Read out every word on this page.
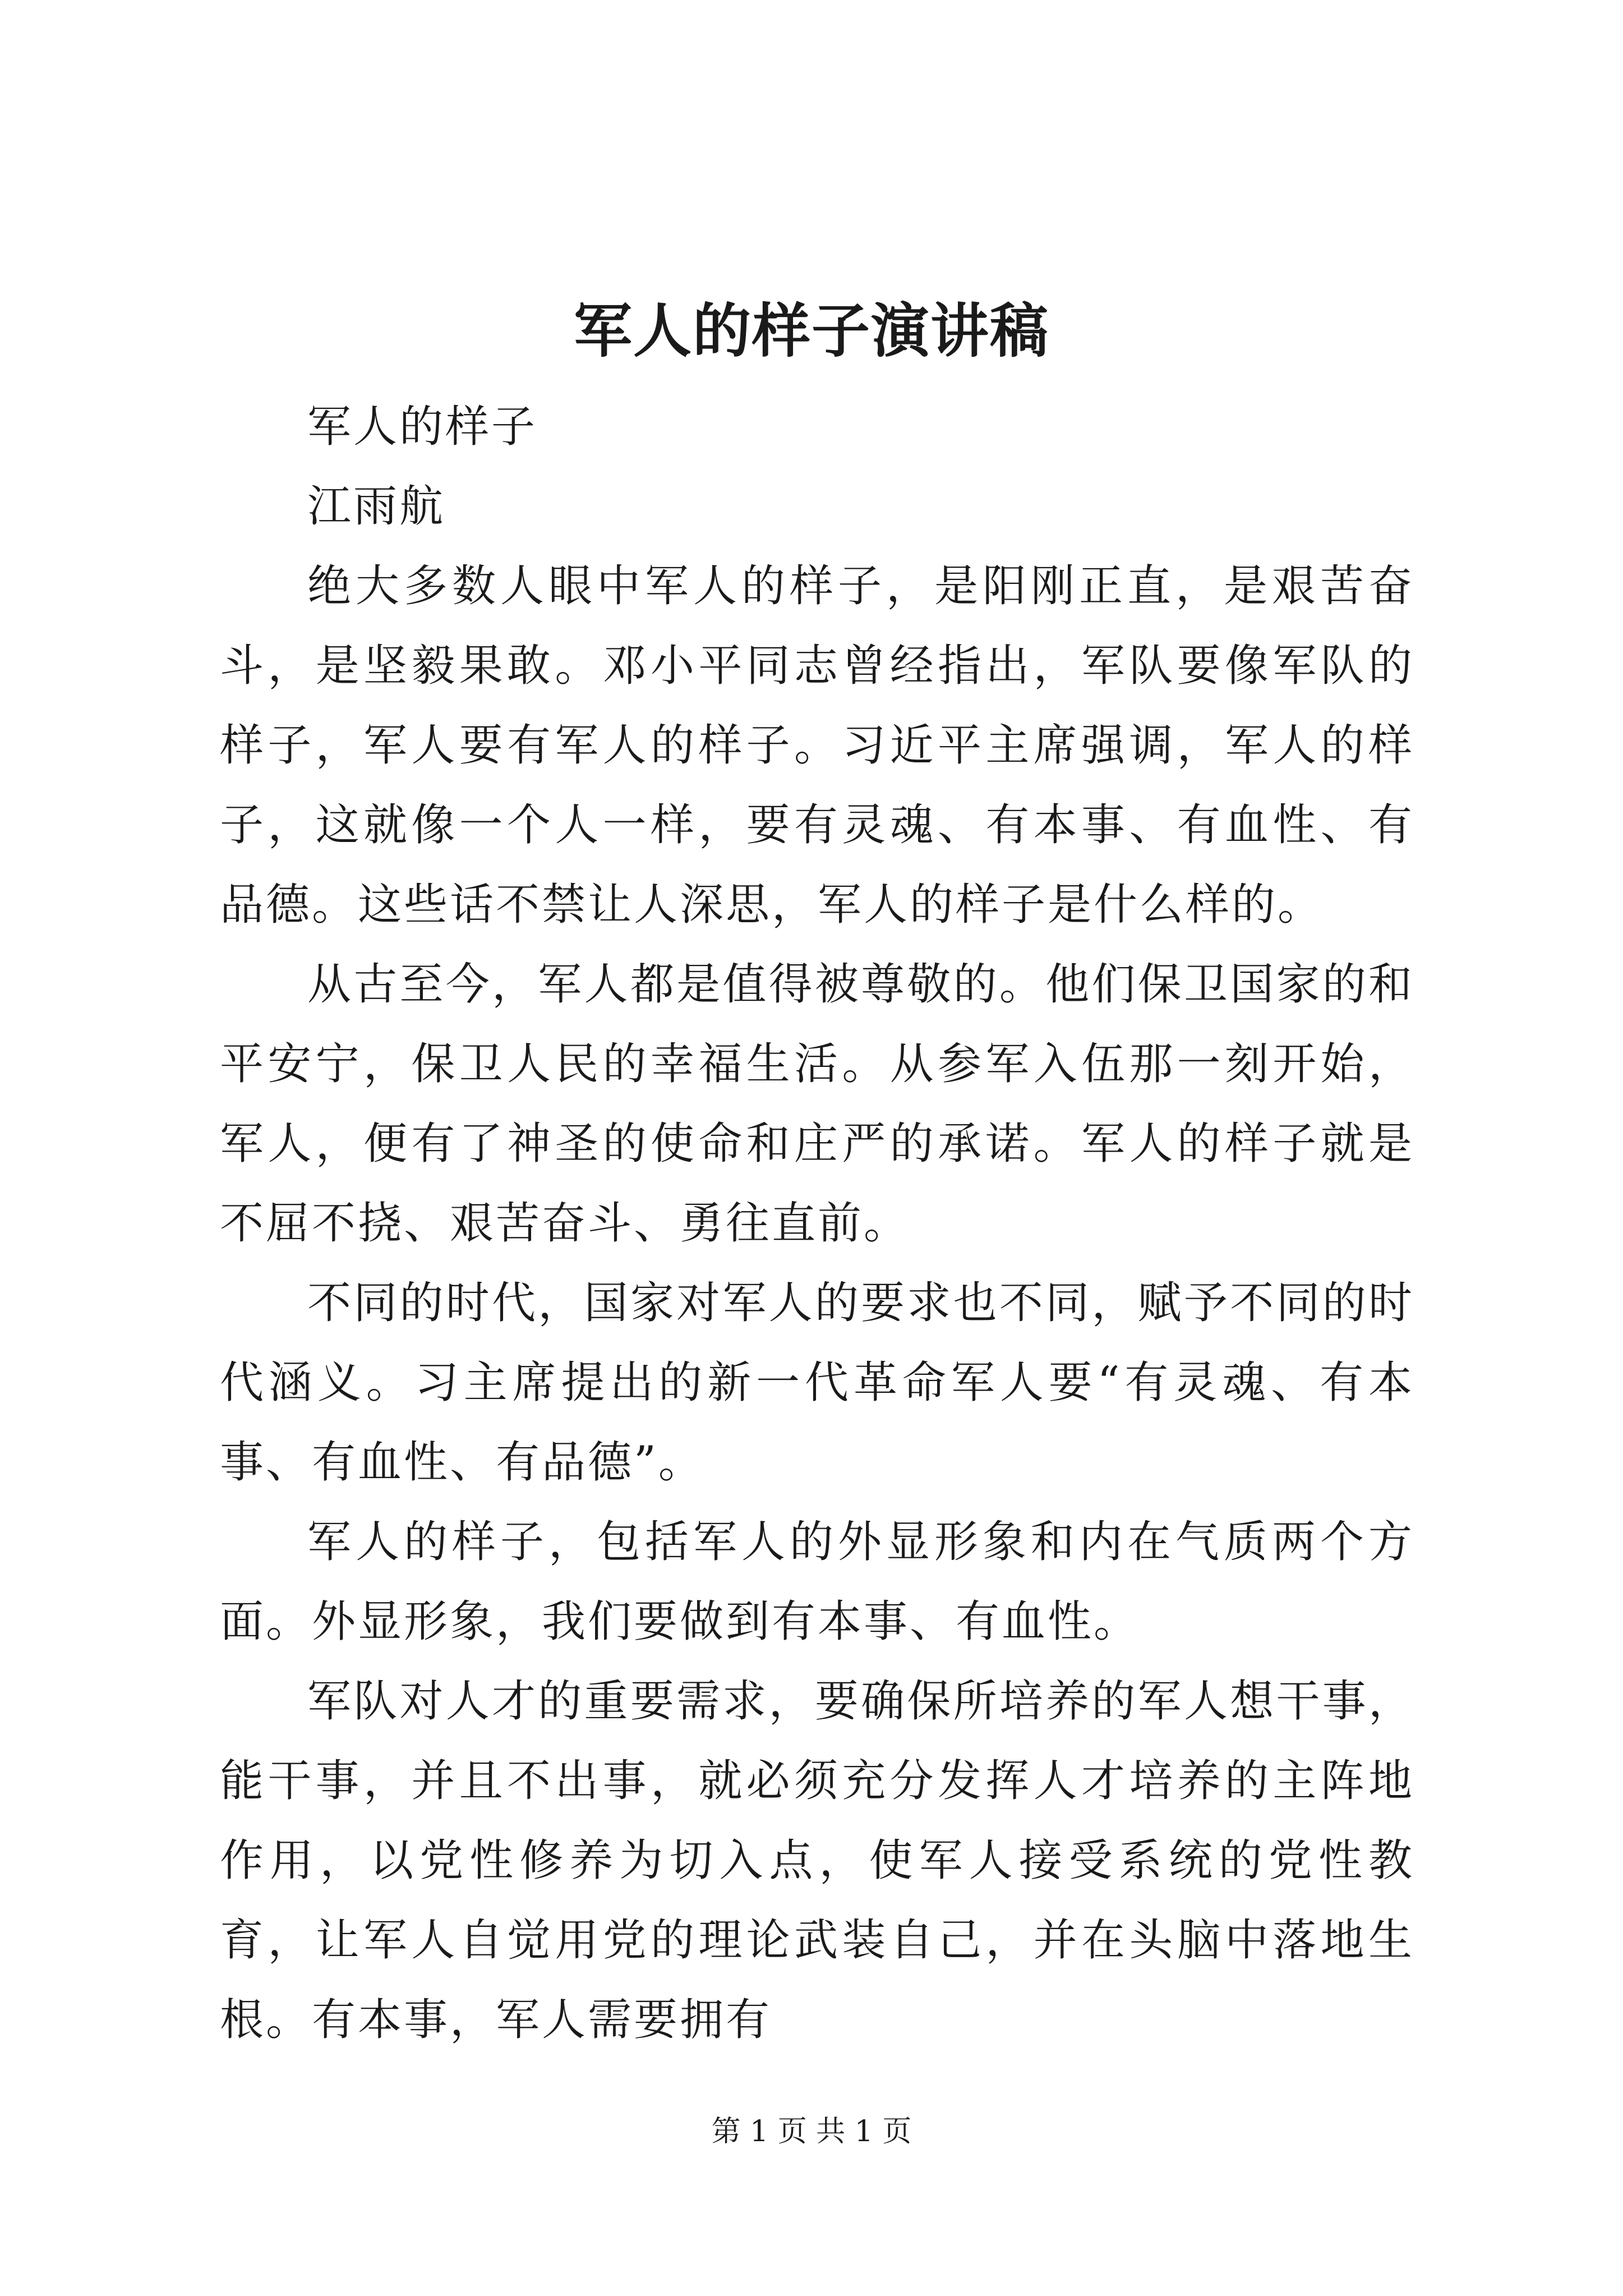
军人的样子演讲稿

军人的样子

江雨航

绝大多数人眼中军人的样子，是阳刚正直，是艰苦奋斗，是坚毅果敢。邓小平同志曾经指出，军队要像军队的样子，军人要有军人的样子。习近平主席强调，军人的样子，这就像一个人一样，要有灵魂、有本事、有血性、有品德。这些话不禁让人深思，军人的样子是什么样的。

从古至今，军人都是值得被尊敬的。他们保卫国家的和平安宁，保卫人民的幸福生活。从参军入伍那一刻开始，军人，便有了神圣的使命和庄严的承诺。军人的样子就是不屈不挠、艰苦奋斗、勇往直前。

不同的时代，国家对军人的要求也不同，赋予不同的时代涵义。习主席提出的新一代革命军人要“有灵魂、有本事、有血性、有品德”。

军人的样子，包括军人的外显形象和内在气质两个方面。外显形象，我们要做到有本事、有血性。

军队对人才的重要需求，要确保所培养的军人想干事，能干事，并且不出事，就必须充分发挥人才培养的主阵地作用，以党性修养为切入点，使军人接受系统的党性教育，让军人自觉用党的理论武装自己，并在头脑中落地生根。有本事，军人需要拥有

第 1 页 共 1 页
